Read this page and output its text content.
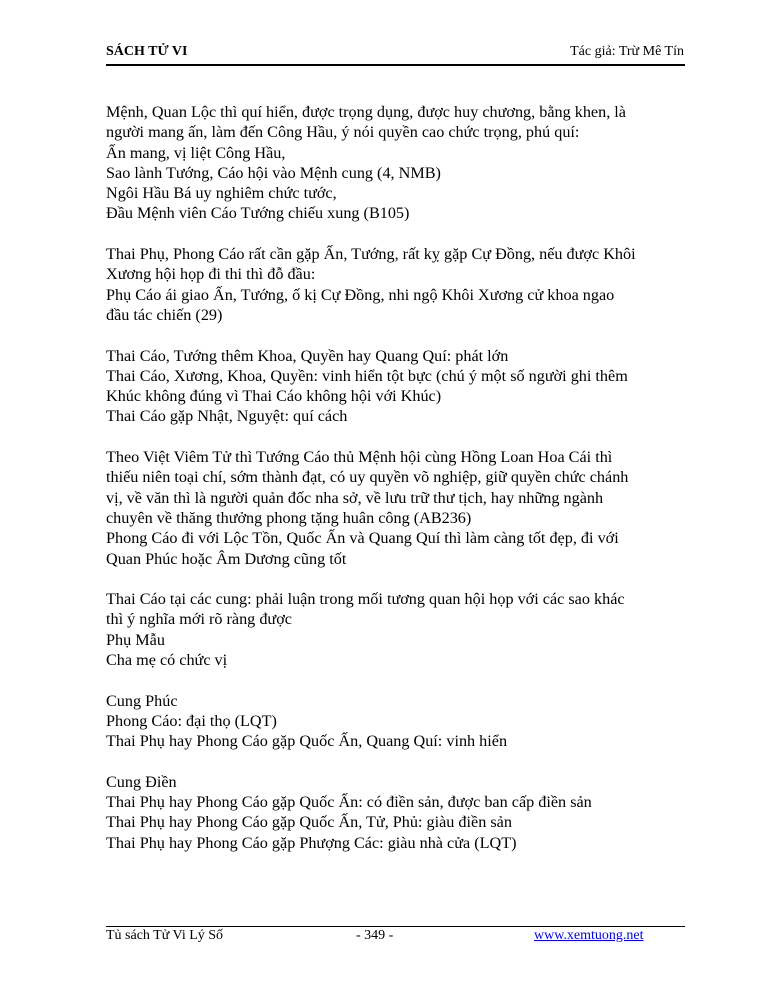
SÁCH TỬ VI	Tác giả: Trừ Mê Tín

Mệnh, Quan Lộc thì quí hiển, được trọng dụng, được huy chương, bằng khen, là

người mang ấn, làm đến Công Hầu, ý nói quyền cao chức trọng, phú quí:

Ấn mang, vị liệt Công Hầu,

Sao lành Tướng, Cáo hội vào Mệnh cung (4, NMB)

Ngôi Hầu Bá uy nghiêm chức tước,

Đầu Mệnh viên Cáo Tướng chiếu xung (B105)

Thai Phụ, Phong Cáo rất cần gặp Ấn, Tướng, rất kỵ gặp Cự Đồng, nếu được Khôi

Xương hội họp đi thi thì đỗ đầu:

Phụ Cáo ái giao Ấn, Tướng, ố kị Cự Đồng, nhi ngộ Khôi Xương cử khoa ngao

đầu tác chiến (29)

Thai Cáo, Tướng thêm Khoa, Quyền hay Quang Quí: phát lớn

Thai Cáo, Xương, Khoa, Quyền: vinh hiển tột bực (chú ý một số người ghi thêm

Khúc không đúng vì Thai Cáo không hội với Khúc)

Thai Cáo gặp Nhật, Nguyệt: quí cách

Theo Việt Viêm Tử thì Tướng Cáo thủ Mệnh hội cùng Hồng Loan Hoa Cái thì

thiếu niên toại chí, sớm thành đạt, có uy quyền võ nghiệp, giữ quyền chức chánh

vị, về văn thì là người quản đốc nha sở, về lưu trữ thư tịch, hay những ngành

chuyên về thăng thưởng phong tặng huân công (AB236)

Phong Cáo đi với Lộc Tồn, Quốc Ấn và Quang Quí thì làm càng tốt đẹp, đi với

Quan Phúc hoặc Âm Dương cũng tốt

Thai Cáo tại các cung: phải luận trong mối tương quan hội họp với các sao khác

thì ý nghĩa mới rõ ràng được

Phụ Mẫu

Cha mẹ có chức vị

Cung Phúc

Phong Cáo: đại thọ (LQT)

Thai Phụ hay Phong Cáo gặp Quốc Ấn, Quang Quí: vinh hiển

Cung Điền

Thai Phụ hay Phong Cáo gặp Quốc Ấn: có điền sản, được ban cấp điền sản

Thai Phụ hay Phong Cáo gặp Quốc Ấn, Tử, Phủ: giàu điền sản

Thai Phụ hay Phong Cáo gặp Phượng Các: giàu nhà cửa (LQT)

Tủ sách Tử Vi Lý Số	- 349 -	www.xemtuong.net
